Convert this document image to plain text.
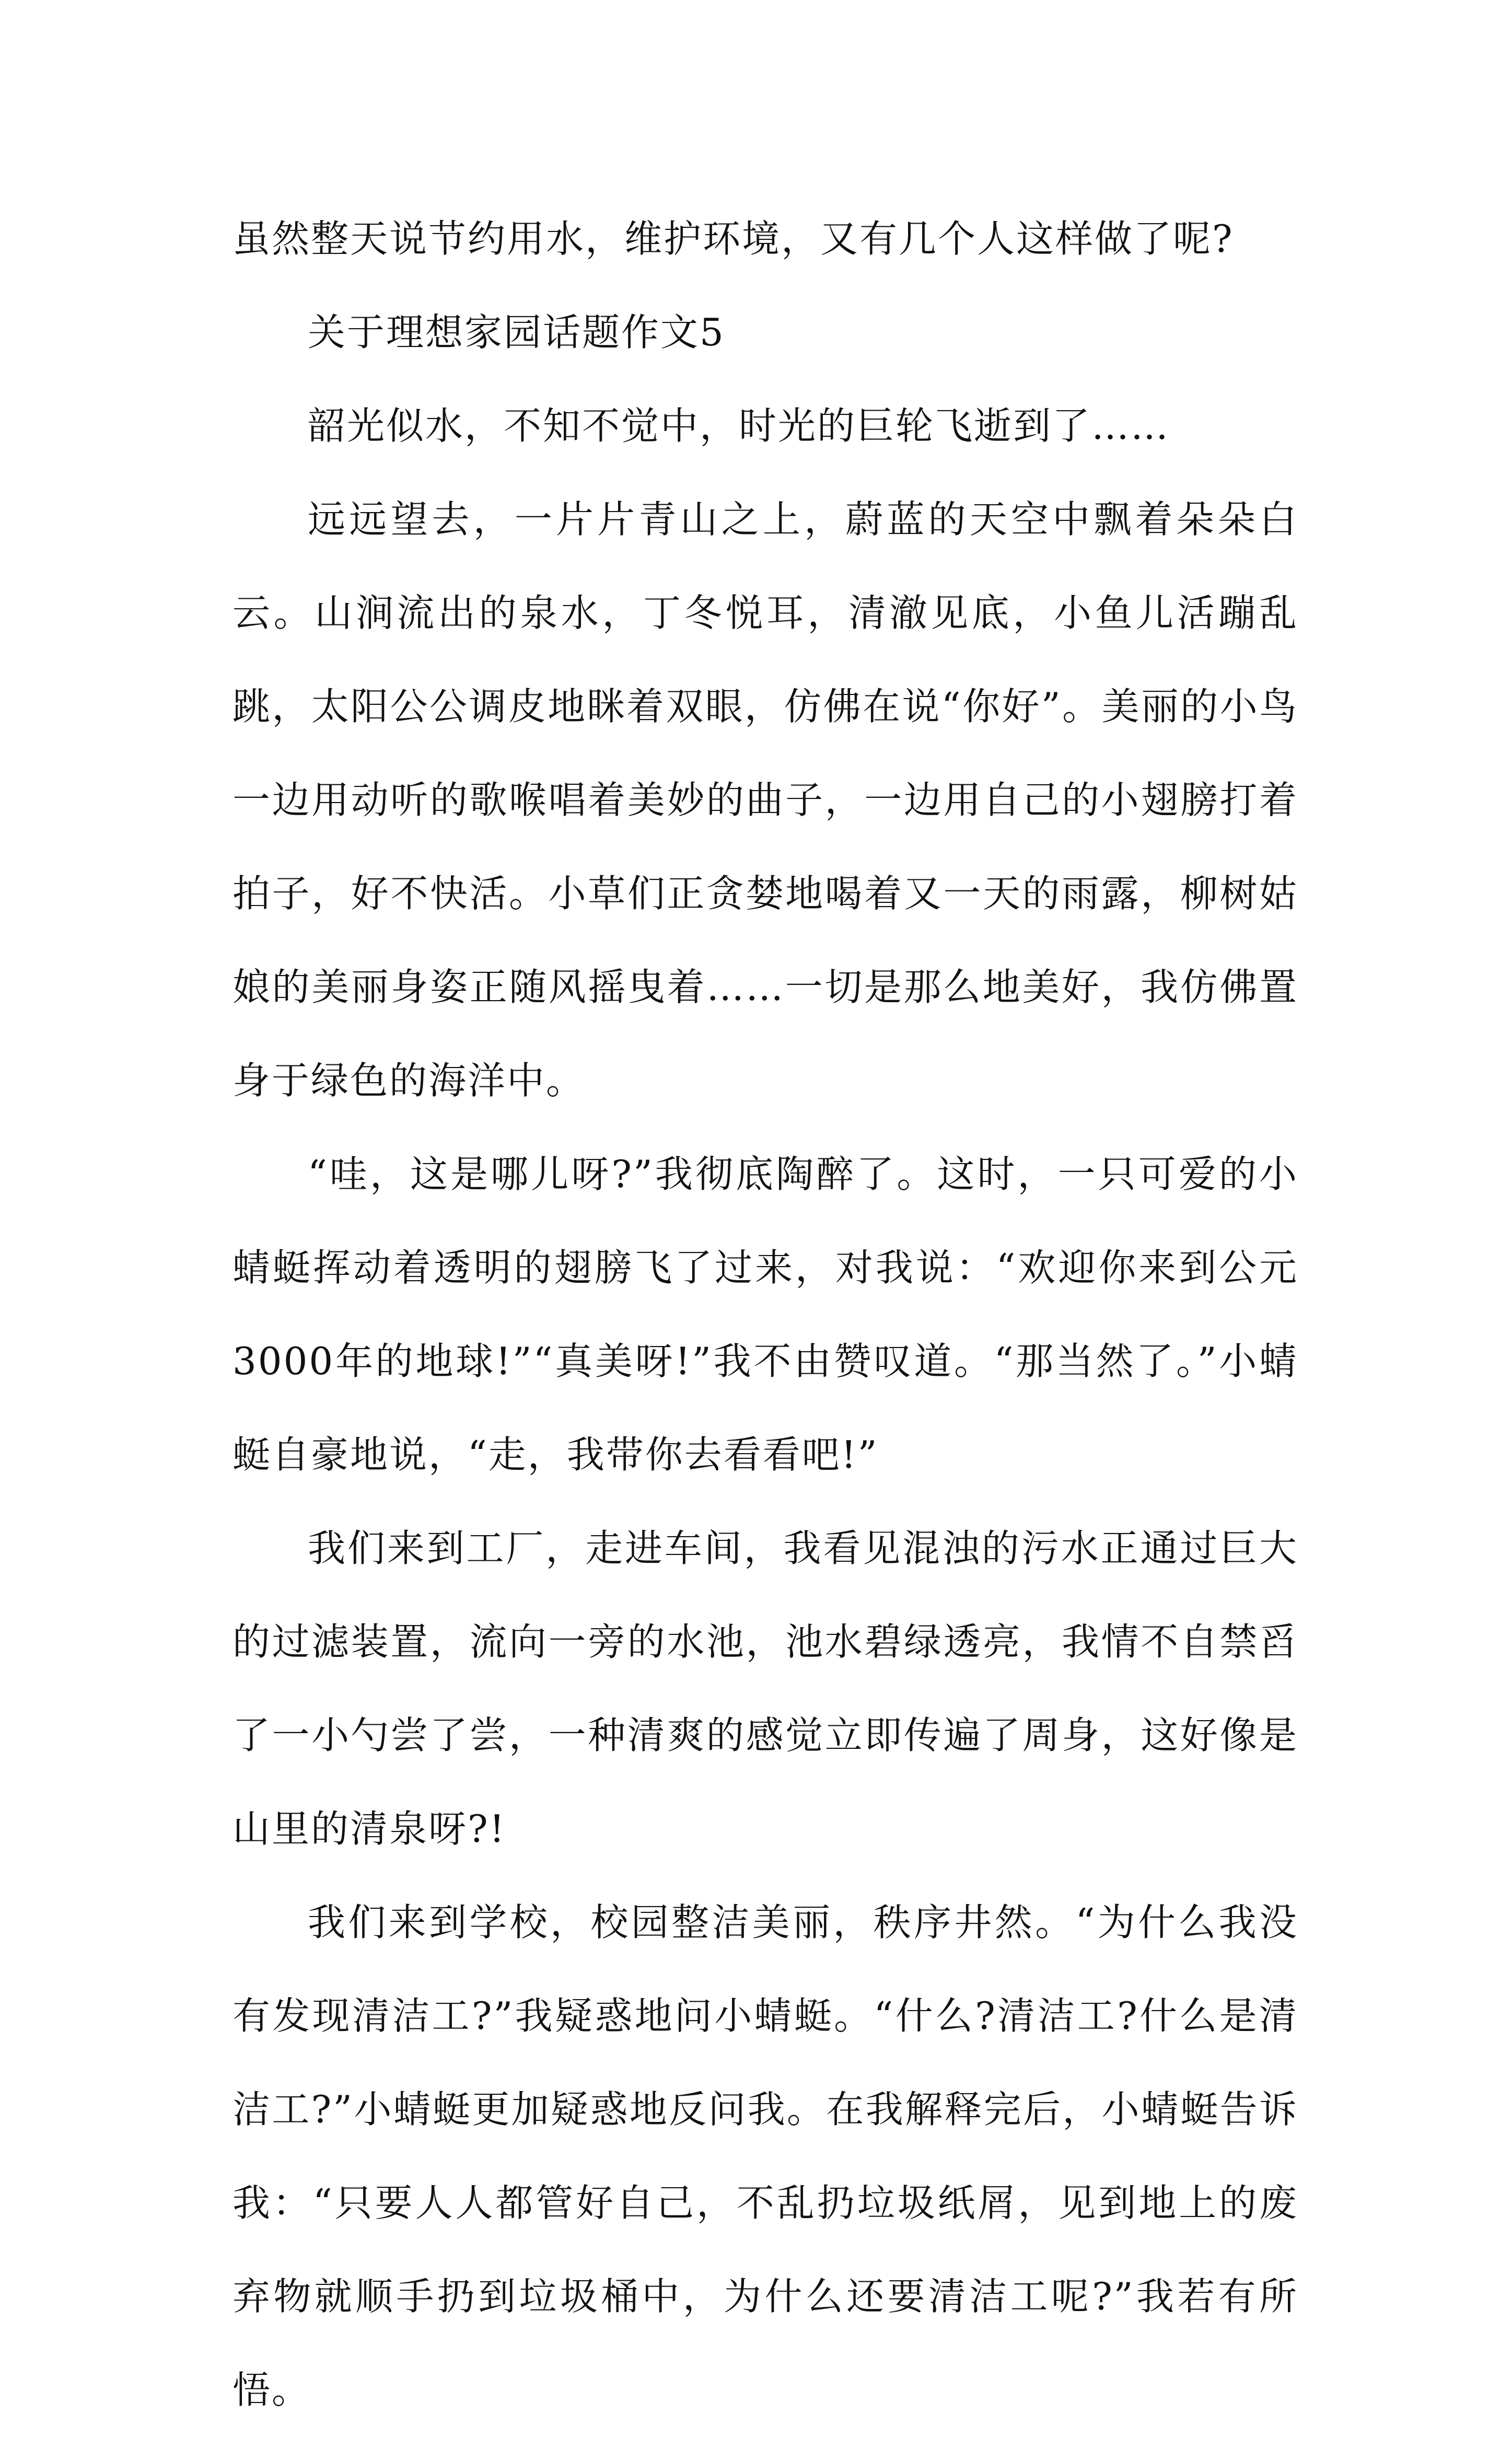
虽然整天说节约用水，维护环境，又有几个人这样做了呢?

关于理想家园话题作文5

韶光似水，不知不觉中，时光的巨轮飞逝到了……

远远望去，一片片青山之上，蔚蓝的天空中飘着朵朵白云。山涧流出的泉水，丁冬悦耳，清澈见底，小鱼儿活蹦乱跳，太阳公公调皮地眯着双眼，仿佛在说“你好”。美丽的小鸟一边用动听的歌喉唱着美妙的曲子，一边用自己的小翅膀打着拍子，好不快活。小草们正贪婪地喝着又一天的雨露，柳树姑娘的美丽身姿正随风摇曳着……一切是那么地美好，我仿佛置身于绿色的海洋中。

“哇，这是哪儿呀?”我彻底陶醉了。这时，一只可爱的小蜻蜓挥动着透明的翅膀飞了过来，对我说：“欢迎你来到公元3000年的地球!”“真美呀!”我不由赞叹道。“那当然了。”小蜻蜓自豪地说，“走，我带你去看看吧!”

我们来到工厂，走进车间，我看见混浊的污水正通过巨大的过滤装置，流向一旁的水池，池水碧绿透亮，我情不自禁舀了一小勺尝了尝，一种清爽的感觉立即传遍了周身，这好像是山里的清泉呀?!

我们来到学校，校园整洁美丽，秩序井然。“为什么我没有发现清洁工?”我疑惑地问小蜻蜓。“什么?清洁工?什么是清洁工?”小蜻蜓更加疑惑地反问我。在我解释完后，小蜻蜓告诉我：“只要人人都管好自己，不乱扔垃圾纸屑，见到地上的废弃物就顺手扔到垃圾桶中，为什么还要清洁工呢?”我若有所悟。
